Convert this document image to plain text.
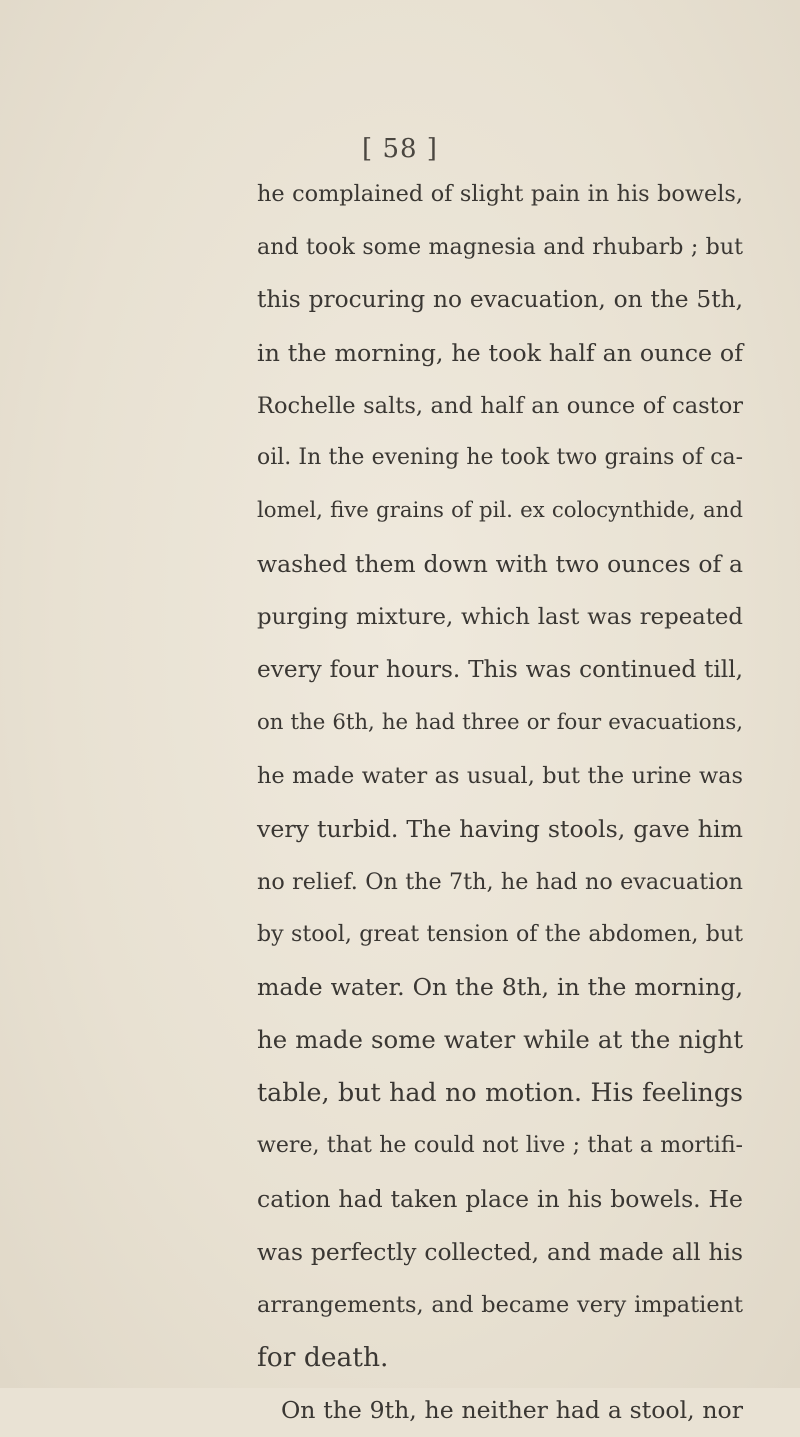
[ 58 ]
he complained of slight pain in his bowels,
and took some magnesia and rhubarb ; but
this procuring no evacuation, on the 5th,
in the morning, he took half an ounce of
Rochelle salts, and half an ounce of castor
oil. In the evening he took two grains of ca-
lomel, five grains of pil. ex colocynthide, and
washed them down with two ounces of a
purging mixture, which last was repeated
every four hours. This was continued till,
on the 6th, he had three or four evacuations,
he made water as usual, but the urine was
very turbid. The having stools, gave him
no relief. On the 7th, he had no evacuation
by stool, great tension of the abdomen, but
made water. On the 8th, in the morning,
he made some water while at the night
table, but had no motion. His feelings
were, that he could not live ; that a mortifi-
cation had taken place in his bowels. He
was perfectly collected, and made all his
arrangements, and became very impatient
for death.
On the 9th, he neither had a stool, nor
